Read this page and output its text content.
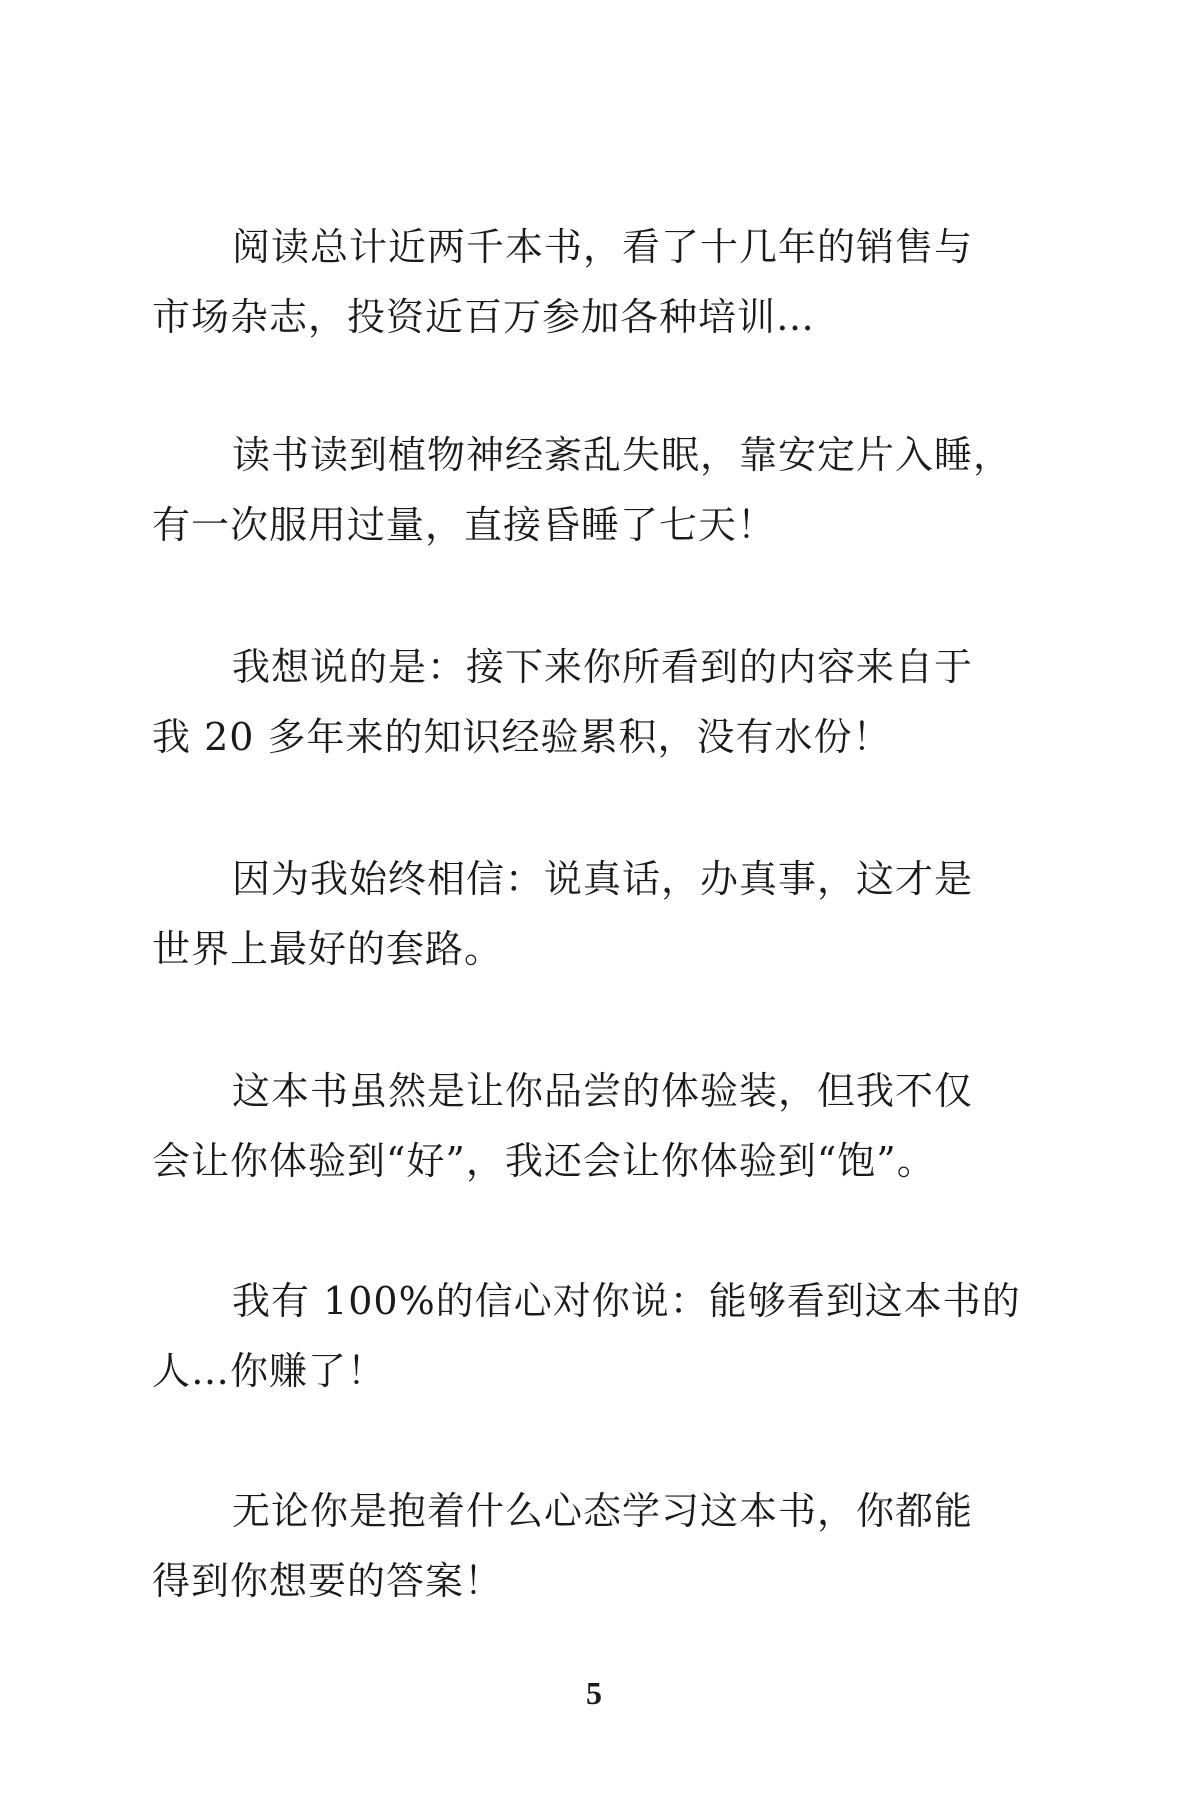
阅读总计近两千本书，看了十几年的销售与
市场杂志，投资近百万参加各种培训…

读书读到植物神经紊乱失眠，靠安定片入睡，
有一次服用过量，直接昏睡了七天！

我想说的是：接下来你所看到的内容来自于
我 20 多年来的知识经验累积，没有水份！

因为我始终相信：说真话，办真事，这才是
世界上最好的套路。

这本书虽然是让你品尝的体验装，但我不仅
会让你体验到“好”，我还会让你体验到“饱”。

我有 100%的信心对你说：能够看到这本书的
人…你赚了！

无论你是抱着什么心态学习这本书，你都能
得到你想要的答案！

5
